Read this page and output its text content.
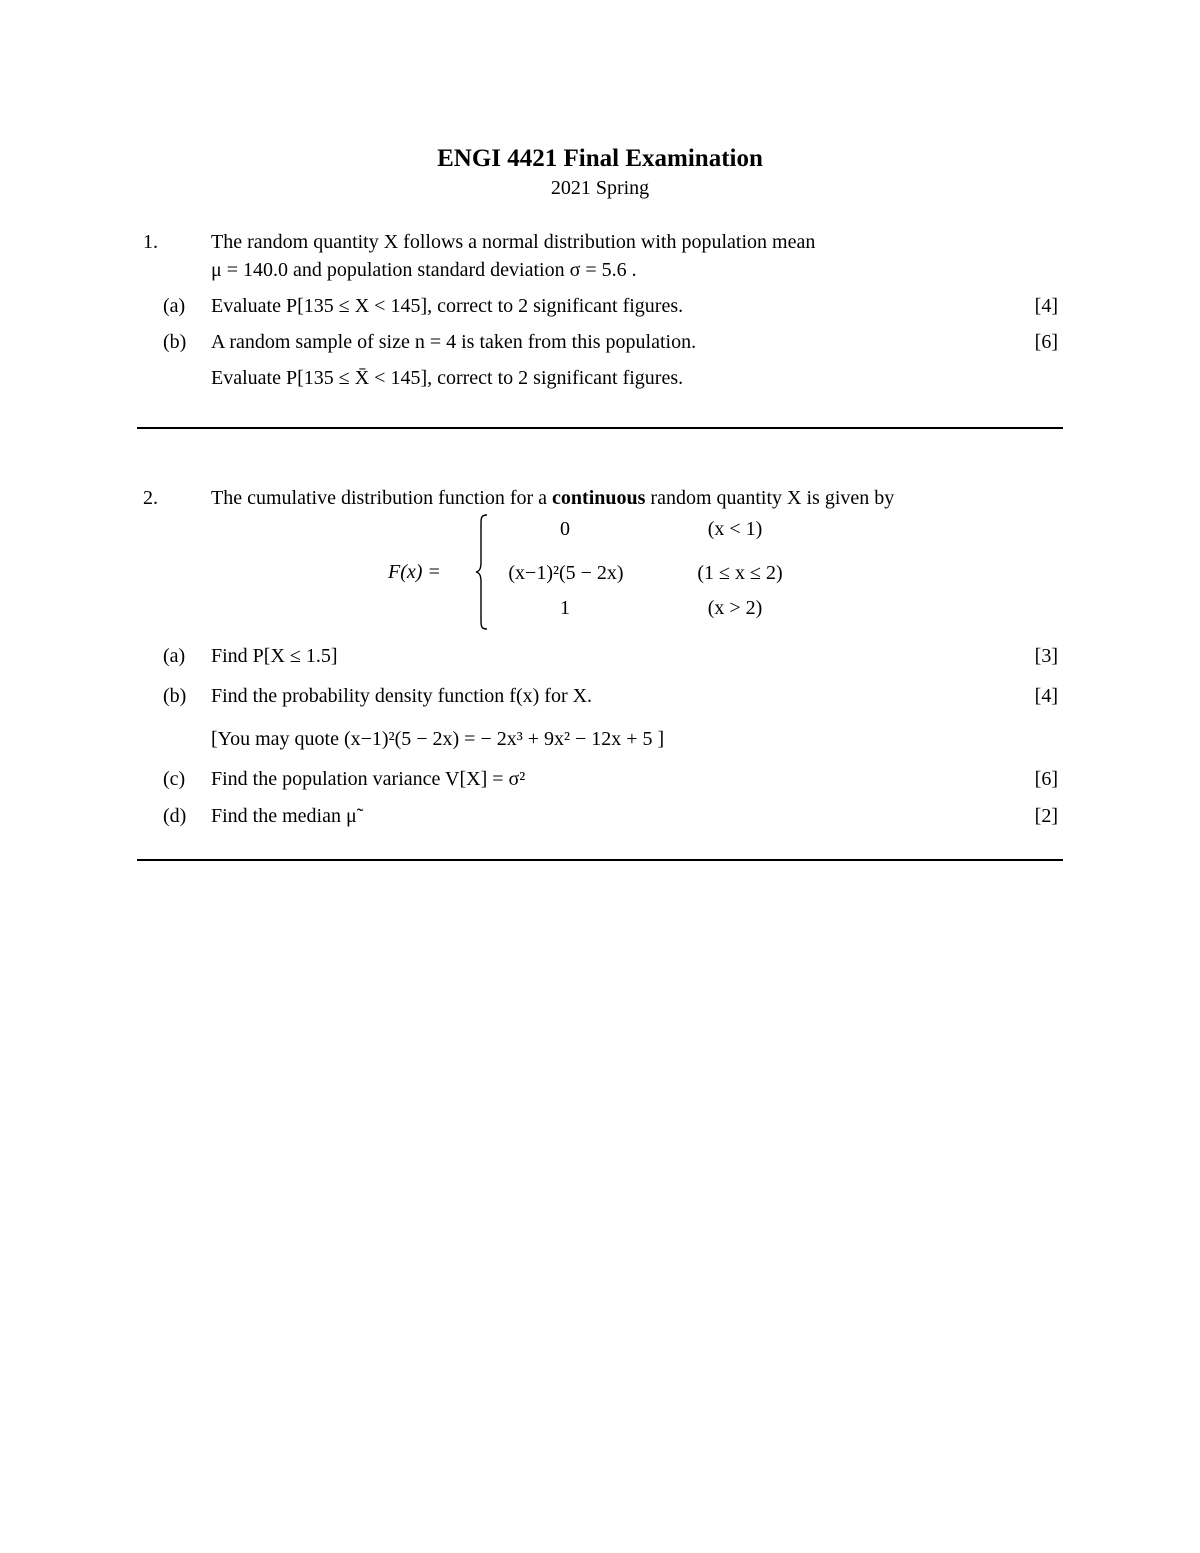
ENGI 4421 Final Examination
2021 Spring
1.	The random quantity X follows a normal distribution with population mean
μ = 140.0 and population standard deviation σ = 5.6 .
(a) Evaluate P[135 ≤ X < 145], correct to 2 significant figures.	[4]
(b) A random sample of size n = 4 is taken from this population.	[6]
Evaluate P[135 ≤ X̄ < 145], correct to 2 significant figures.
2.	The cumulative distribution function for a continuous random quantity X is given by
F(x) =
0	(x < 1)
(x−1)²(5 − 2x)	(1 ≤ x ≤ 2)
1	(x > 2)
(a) Find P[X ≤ 1.5]	[3]
(b) Find the probability density function f(x) for X.	[4]
[You may quote (x−1)²(5 − 2x) = − 2x³ + 9x² − 12x + 5 ]
(c) Find the population variance V[X] = σ²	[6]
(d) Find the median μ̃	[2]
